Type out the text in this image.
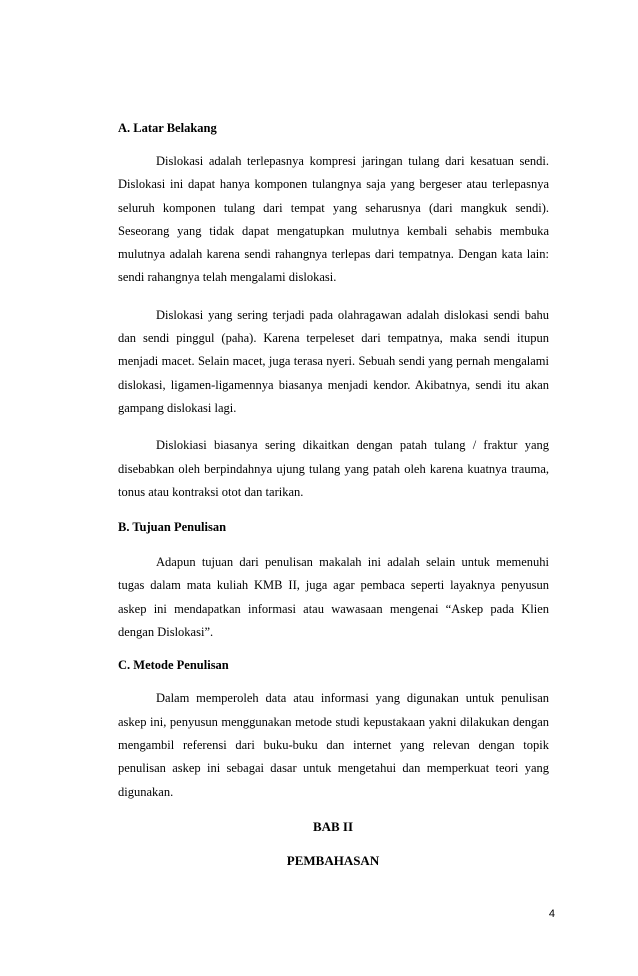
A. Latar Belakang

Dislokasi adalah terlepasnya kompresi jaringan tulang dari kesatuan sendi. Dislokasi ini dapat hanya komponen tulangnya saja yang bergeser atau terlepasnya seluruh komponen tulang dari tempat yang seharusnya (dari mangkuk sendi). Seseorang yang tidak dapat mengatupkan mulutnya kembali sehabis membuka mulutnya adalah karena sendi rahangnya terlepas dari tempatnya. Dengan kata lain: sendi rahangnya telah mengalami dislokasi.

Dislokasi yang sering terjadi pada olahragawan adalah dislokasi sendi bahu dan sendi pinggul (paha). Karena terpeleset dari tempatnya, maka sendi itupun menjadi macet. Selain macet, juga terasa nyeri. Sebuah sendi yang pernah mengalami dislokasi, ligamen-ligamennya biasanya menjadi kendor. Akibatnya, sendi itu akan gampang dislokasi lagi.

Dislokiasi biasanya sering dikaitkan dengan patah tulang / fraktur yang disebabkan oleh berpindahnya ujung tulang yang patah oleh karena kuatnya trauma, tonus atau kontraksi otot dan tarikan.

B. Tujuan Penulisan

Adapun tujuan dari penulisan makalah ini adalah selain untuk memenuhi tugas dalam mata kuliah KMB II, juga agar pembaca seperti layaknya penyusun askep ini mendapatkan informasi atau wawasaan mengenai “Askep pada Klien dengan Dislokasi”.

C. Metode Penulisan

Dalam memperoleh data atau informasi yang digunakan untuk penulisan askep ini, penyusun menggunakan metode studi kepustakaan yakni dilakukan dengan mengambil referensi dari buku-buku dan internet yang relevan dengan topik penulisan askep ini sebagai dasar untuk mengetahui dan memperkuat teori yang digunakan.

BAB II

PEMBAHASAN

4
